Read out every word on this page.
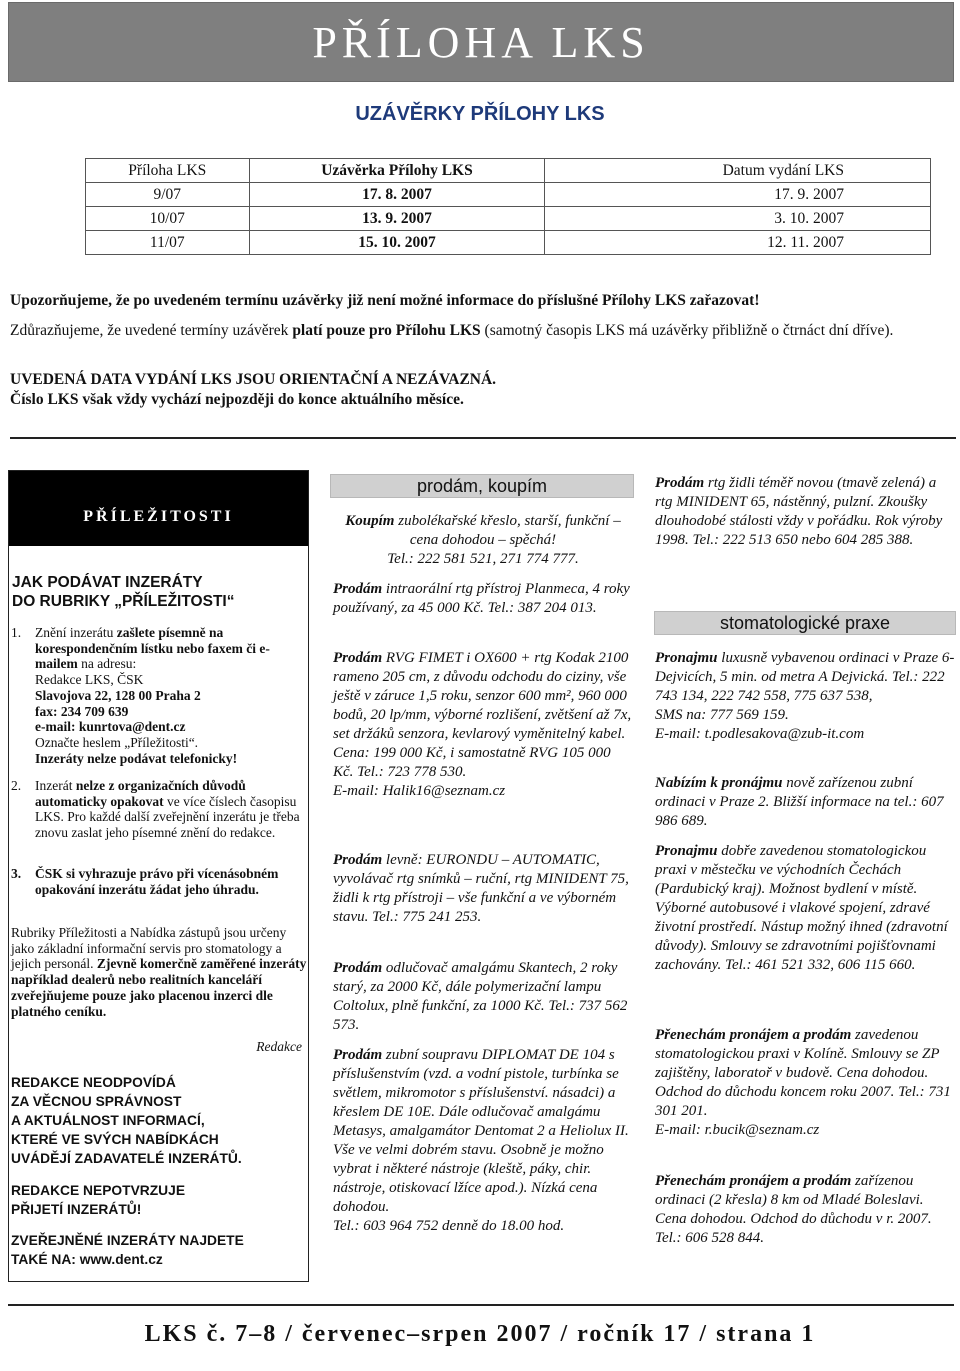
PŘÍLOHA LKS
UZÁVĚRKY PŘÍLOHY LKS
Příloha LKS	Uzávěrka Přílohy LKS	Datum vydání LKS
9/07	17. 8. 2007	17. 9. 2007
10/07	13. 9. 2007	3. 10. 2007
11/07	15. 10. 2007	12. 11. 2007
Upozorňujeme, že po uvedeném termínu uzávěrky již není možné informace do příslušné Přílohy LKS zařazovat!
Zdůrazňujeme, že uvedené termíny uzávěrek platí pouze pro Přílohu LKS (samotný časopis LKS má uzávěrky přibližně o čtrnáct dní dříve).
UVEDENÁ DATA VYDÁNÍ LKS JSOU ORIENTAČNÍ A NEZÁVAZNÁ.
Číslo LKS však vždy vychází nejpozději do konce aktuálního měsíce.
PŘÍLEŽITOSTI
JAK PODÁVAT INZERÁTY
DO RUBRIKY „PŘÍLEŽITOSTI“
1.	Znění inzerátu zašlete písemně na korespondenčním lístku nebo faxem či e-mailem na adresu:
Redakce LKS, ČSK
Slavojova 22, 128 00 Praha 2
fax: 234 709 639
e-mail: kunrtova@dent.cz
Označte heslem „Příležitosti“.
Inzeráty nelze podávat telefonicky!
2.	Inzerát nelze z organizačních důvodů automaticky opakovat ve více číslech časopisu LKS. Pro každé další zveřejnění inzerátu je třeba znovu zaslat jeho písemné znění do redakce.
3.	ČSK si vyhrazuje právo při vícenásobném opakování inzerátu žádat jeho úhradu.
Rubriky Příležitosti a Nabídka zástupů jsou určeny jako základní informační servis pro stomatology a jejich personál. Zjevně komerčně zaměřené inzeráty například dealerů nebo realitních kanceláří zveřejňujeme pouze jako placenou inzerci dle platného ceníku.
Redakce
REDAKCE NEODPOVÍDÁ
ZA VĚCNOU SPRÁVNOST
A AKTUÁLNOST INFORMACÍ,
KTERÉ VE SVÝCH NABÍDKÁCH
UVÁDĚJÍ ZADAVATELÉ INZERÁTŮ.
REDAKCE NEPOTVRZUJE
PŘIJETÍ INZERÁTŮ!
ZVEŘEJNĚNÉ INZERÁTY NAJDETE
TAKÉ NA: www.dent.cz
prodám, koupím
Koupím zubolékařské křeslo, starší, funkční – cena dohodou – spěchá!
Tel.: 222 581 521, 271 774 777.
Prodám intraorální rtg přístroj Planmeca, 4 roky používaný, za 45 000 Kč. Tel.: 387 204 013.
Prodám RVG FIMET i OX600 + rtg Kodak 2100 rameno 205 cm, z důvodu odchodu do ciziny, vše ještě v záruce 1,5 roku, senzor 600 mm², 960 000 bodů, 20 lp/mm, výborné rozlišení, zvětšení až 7x, set držáků senzora, kevlarový vyměnitelný kabel. Cena: 199 000 Kč, i samostatně RVG 105 000 Kč. Tel.: 723 778 530.
E-mail: Halik16@seznam.cz
Prodám levně: EURONDU – AUTOMATIC, vyvolávač rtg snímků – ruční, rtg MINIDENT 75, židli k rtg přístroji – vše funkční a ve výborném stavu. Tel.: 775 241 253.
Prodám odlučovač amalgámu Skantech, 2 roky starý, za 2000 Kč, dále polymerizační lampu Coltolux, plně funkční, za 1000 Kč. Tel.: 737 562 573.
Prodám zubní soupravu DIPLOMAT DE 104 s příslušenstvím (vzd. a vodní pistole, turbínka se světlem, mikromotor s příslušenství. násadci) a křeslem DE 10E. Dále odlučovač amalgámu Metasys, amalgamátor Dentomat 2 a Heliolux II. Vše ve velmi dobrém stavu. Osobně je možno vybrat i některé nástroje (kleště, páky, chir. nástroje, otiskovací lžíce apod.). Nízká cena dohodou.
Tel.: 603 964 752 denně do 18.00 hod.
Prodám rtg židli téměř novou (tmavě zelená) a rtg MINIDENT 65, nástěnný, pulzní. Zkoušky dlouhodobé stálosti vždy v pořádku. Rok výroby 1998. Tel.: 222 513 650 nebo 604 285 388.
stomatologické praxe
Pronajmu luxusně vybavenou ordinaci v Praze 6-Dejvicích, 5 min. od metra A Dejvická. Tel.: 222 743 134, 222 742 558, 775 637 538,
SMS na: 777 569 159.
E-mail: t.podlesakova@zub-it.com
Nabízím k pronájmu nově zařízenou zubní ordinaci v Praze 2. Bližší informace na tel.: 607 986 689.
Pronajmu dobře zavedenou stomatologickou praxi v městečku ve východních Čechách (Pardubický kraj). Možnost bydlení v místě. Výborné autobusové i vlakové spojení, zdravé životní prostředí. Nástup možný ihned (zdravotní důvody). Smlouvy se zdravotními pojišťovnami zachovány. Tel.: 461 521 332, 606 115 660.
Přenechám pronájem a prodám zavedenou stomatologickou praxi v Kolíně. Smlouvy se ZP zajištěny, laboratoř v budově. Cena dohodou. Odchod do důchodu koncem roku 2007. Tel.: 731 301 201.
E-mail: r.bucik@seznam.cz
Přenechám pronájem a prodám zařízenou ordinaci (2 křesla) 8 km od Mladé Boleslavi. Cena dohodou. Odchod do důchodu v r. 2007. Tel.: 606 528 844.
LKS č. 7–8 / červenec–srpen 2007 / ročník 17 / strana 1
